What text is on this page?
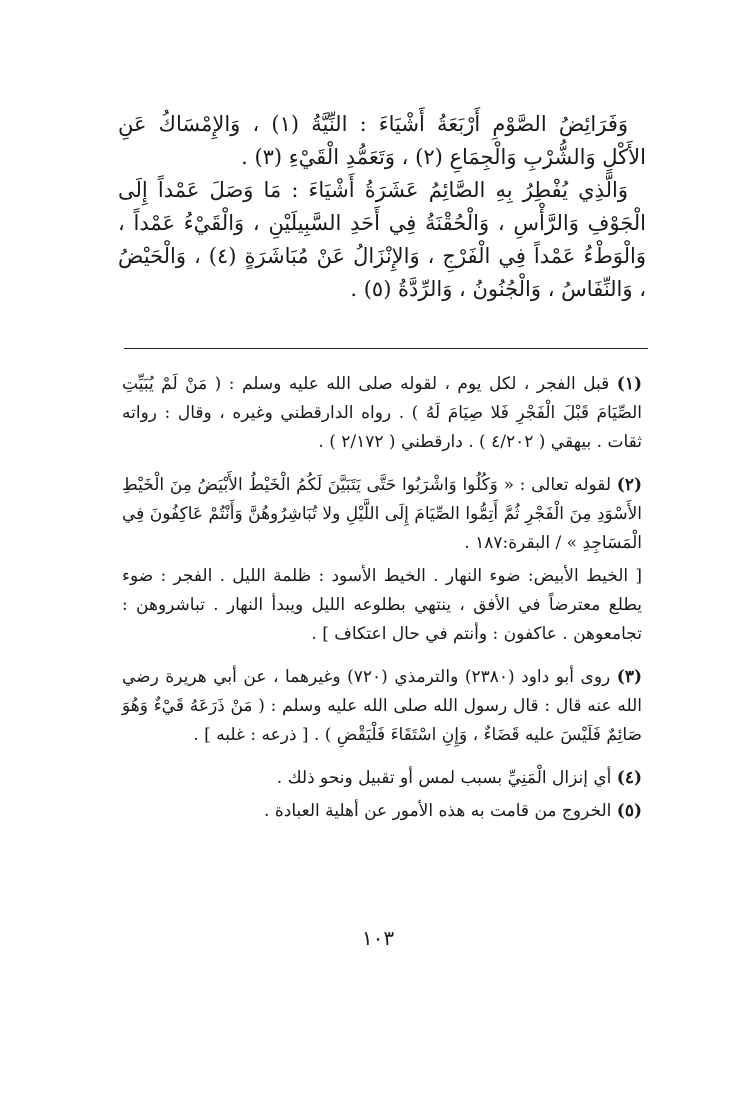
وَفَرَائِضُ الصَّوْمِ أَرْبَعَةُ أَشْيَاءَ : النِّيَّةُ (١) ، وَالإِمْسَاكُ عَنِ الأَكْلِ وَالشُّرْبِ وَالْجِمَاعِ (٢) ، وَتَعَمُّدِ الْقَيْءِ (٣) .

وَالَّذِي يُفْطِرُ بِهِ الصَّائِمُ عَشَرَةُ أَشْيَاءَ : مَا وَصَلَ عَمْداً إِلَى الْجَوْفِ وَالرَّأْسِ ، وَالْحُقْنَةُ فِي أَحَدِ السَّبِيلَيْنِ ، وَالْقَيْءُ عَمْداً ، وَالْوَطْءُ عَمْداً فِي الْفَرْجِ ، وَالإِنْزَالُ عَنْ مُبَاشَرَةٍ (٤) ، وَالْحَيْضُ ، وَالنِّفَاسُ ، وَالْجُنُونُ ، وَالرِّدَّةُ (٥) .

(١) قبل الفجر ، لكل يوم ، لقوله صلى الله عليه وسلم : ( مَنْ لَمْ يُبَيِّتِ الصِّيَامَ قَبْلَ الْفَجْرِ فَلا صِيَامَ لَهُ ) . رواه الدارقطني وغيره ، وقال : رواته ثقات . بيهقي ( ٤/٢٠٢ ) . دارقطني ( ٢/١٧٢ ) .

(٢) لقوله تعالى : « وَكُلُوا وَاشْرَبُوا حَتَّى يَتَبَيَّنَ لَكُمُ الْخَيْطُ الأَبْيَضُ مِنَ الْخَيْطِ الأَسْوَدِ مِنَ الْفَجْرِ ثُمَّ أَتِمُّوا الصِّيَامَ إِلَى اللَّيْلِ ولا تُبَاشِرُوهُنَّ وَأَنْتُمْ عَاكِفُونَ فِي الْمَسَاجِدِ » / البقرة:١٨٧ .

[ الخيط الأبيض: ضوء النهار . الخيط الأسود : ظلمة الليل . الفجر : ضوء يطلع معترضاً في الأفق ، ينتهي بطلوعه الليل ويبدأ النهار . تباشروهن : تجامعوهن . عاكفون : وأنتم في حال اعتكاف ] .

(٣) روى أبو داود (٢٣٨٠) والترمذي (٧٢٠) وغيرهما ، عن أبي هريرة رضي الله عنه قال : قال رسول الله صلى الله عليه وسلم : ( مَنْ ذَرَعَهُ قَيْءٌ وَهُوَ صَائِمٌ فَلَيْسَ عليه قَضَاءٌ ، وَإِنِ اسْتَقَاءَ فَلْيَقْضِ ) . [ ذرعه : غلبه ] .

(٤) أي إنزال الْمَنِيِّ بسبب لمس أو تقبيل ونحو ذلك .

(٥) الخروج من قامت به هذه الأمور عن أهلية العبادة .

١٠٣
